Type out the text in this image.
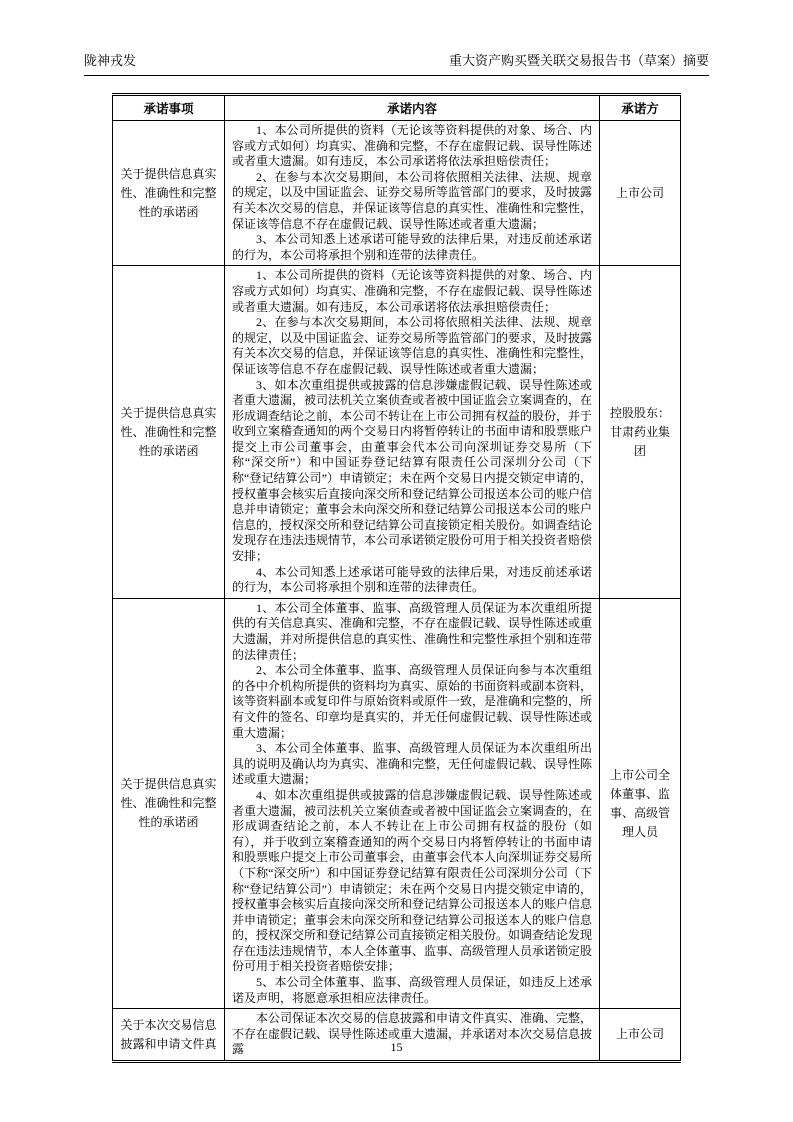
陇神戎发	重大资产购买暨关联交易报告书（草案）摘要
承诺事项	承诺内容	承诺方
关于提供信息真实性、准确性和完整性的承诺函	1、本公司所提供的资料（无论该等资料提供的对象、场合、内容或方式如何）均真实、准确和完整，不存在虚假记载、误导性陈述或者重大遗漏。如有违反，本公司承诺将依法承担赔偿责任；

2、在参与本次交易期间，本公司将依照相关法律、法规、规章的规定，以及中国证监会、证券交易所等监管部门的要求，及时披露有关本次交易的信息，并保证该等信息的真实性、准确性和完整性，保证该等信息不存在虚假记载、误导性陈述或者重大遗漏；

3、本公司知悉上述承诺可能导致的法律后果，对违反前述承诺的行为，本公司将承担个别和连带的法律责任。	上市公司
关于提供信息真实性、准确性和完整性的承诺函	1、本公司所提供的资料（无论该等资料提供的对象、场合、内容或方式如何）均真实、准确和完整，不存在虚假记载、误导性陈述或者重大遗漏。如有违反，本公司承诺将依法承担赔偿责任；

2、在参与本次交易期间，本公司将依照相关法律、法规、规章的规定，以及中国证监会、证券交易所等监管部门的要求，及时披露有关本次交易的信息，并保证该等信息的真实性、准确性和完整性，保证该等信息不存在虚假记载、误导性陈述或者重大遗漏；

3、如本次重组提供或披露的信息涉嫌虚假记载、误导性陈述或者重大遗漏，被司法机关立案侦查或者被中国证监会立案调查的，在形成调查结论之前，本公司不转让在上市公司拥有权益的股份，并于收到立案稽查通知的两个交易日内将暂停转让的书面申请和股票账户提交上市公司董事会，由董事会代本公司向深圳证券交易所（下称“深交所”）和中国证券登记结算有限责任公司深圳分公司（下称“登记结算公司”）申请锁定；未在两个交易日内提交锁定申请的，授权董事会核实后直接向深交所和登记结算公司报送本公司的账户信息并申请锁定；董事会未向深交所和登记结算公司报送本公司的账户信息的，授权深交所和登记结算公司直接锁定相关股份。如调查结论发现存在违法违规情节，本公司承诺锁定股份可用于相关投资者赔偿安排；

4、本公司知悉上述承诺可能导致的法律后果，对违反前述承诺的行为，本公司将承担个别和连带的法律责任。	控股股东：甘肃药业集团
关于提供信息真实性、准确性和完整性的承诺函	1、本公司全体董事、监事、高级管理人员保证为本次重组所提供的有关信息真实、准确和完整，不存在虚假记载、误导性陈述或重大遗漏，并对所提供信息的真实性、准确性和完整性承担个别和连带的法律责任；

2、本公司全体董事、监事、高级管理人员保证向参与本次重组的各中介机构所提供的资料均为真实、原始的书面资料或副本资料，该等资料副本或复印件与原始资料或原件一致，是准确和完整的，所有文件的签名、印章均是真实的，并无任何虚假记载、误导性陈述或重大遗漏；

3、本公司全体董事、监事、高级管理人员保证为本次重组所出具的说明及确认均为真实、准确和完整，无任何虚假记载、误导性陈述或重大遗漏；

4、如本次重组提供或披露的信息涉嫌虚假记载、误导性陈述或者重大遗漏，被司法机关立案侦查或者被中国证监会立案调查的，在形成调查结论之前，本人不转让在上市公司拥有权益的股份（如有），并于收到立案稽查通知的两个交易日内将暂停转让的书面申请和股票账户提交上市公司董事会，由董事会代本人向深圳证券交易所（下称“深交所”）和中国证券登记结算有限责任公司深圳分公司（下称“登记结算公司”）申请锁定；未在两个交易日内提交锁定申请的，授权董事会核实后直接向深交所和登记结算公司报送本人的账户信息并申请锁定；董事会未向深交所和登记结算公司报送本人的账户信息的，授权深交所和登记结算公司直接锁定相关股份。如调查结论发现存在违法违规情节，本人全体董事、监事、高级管理人员承诺锁定股份可用于相关投资者赔偿安排；

5、本公司全体董事、监事、高级管理人员保证，如违反上述承诺及声明，将愿意承担相应法律责任。	上市公司全体董事、监事、高级管理人员
关于本次交易信息披露和申请文件真	本公司保证本次交易的信息披露和申请文件真实、准确、完整，不存在虚假记载、误导性陈述或重大遗漏，并承诺对本次交易信息披露	上市公司
15
